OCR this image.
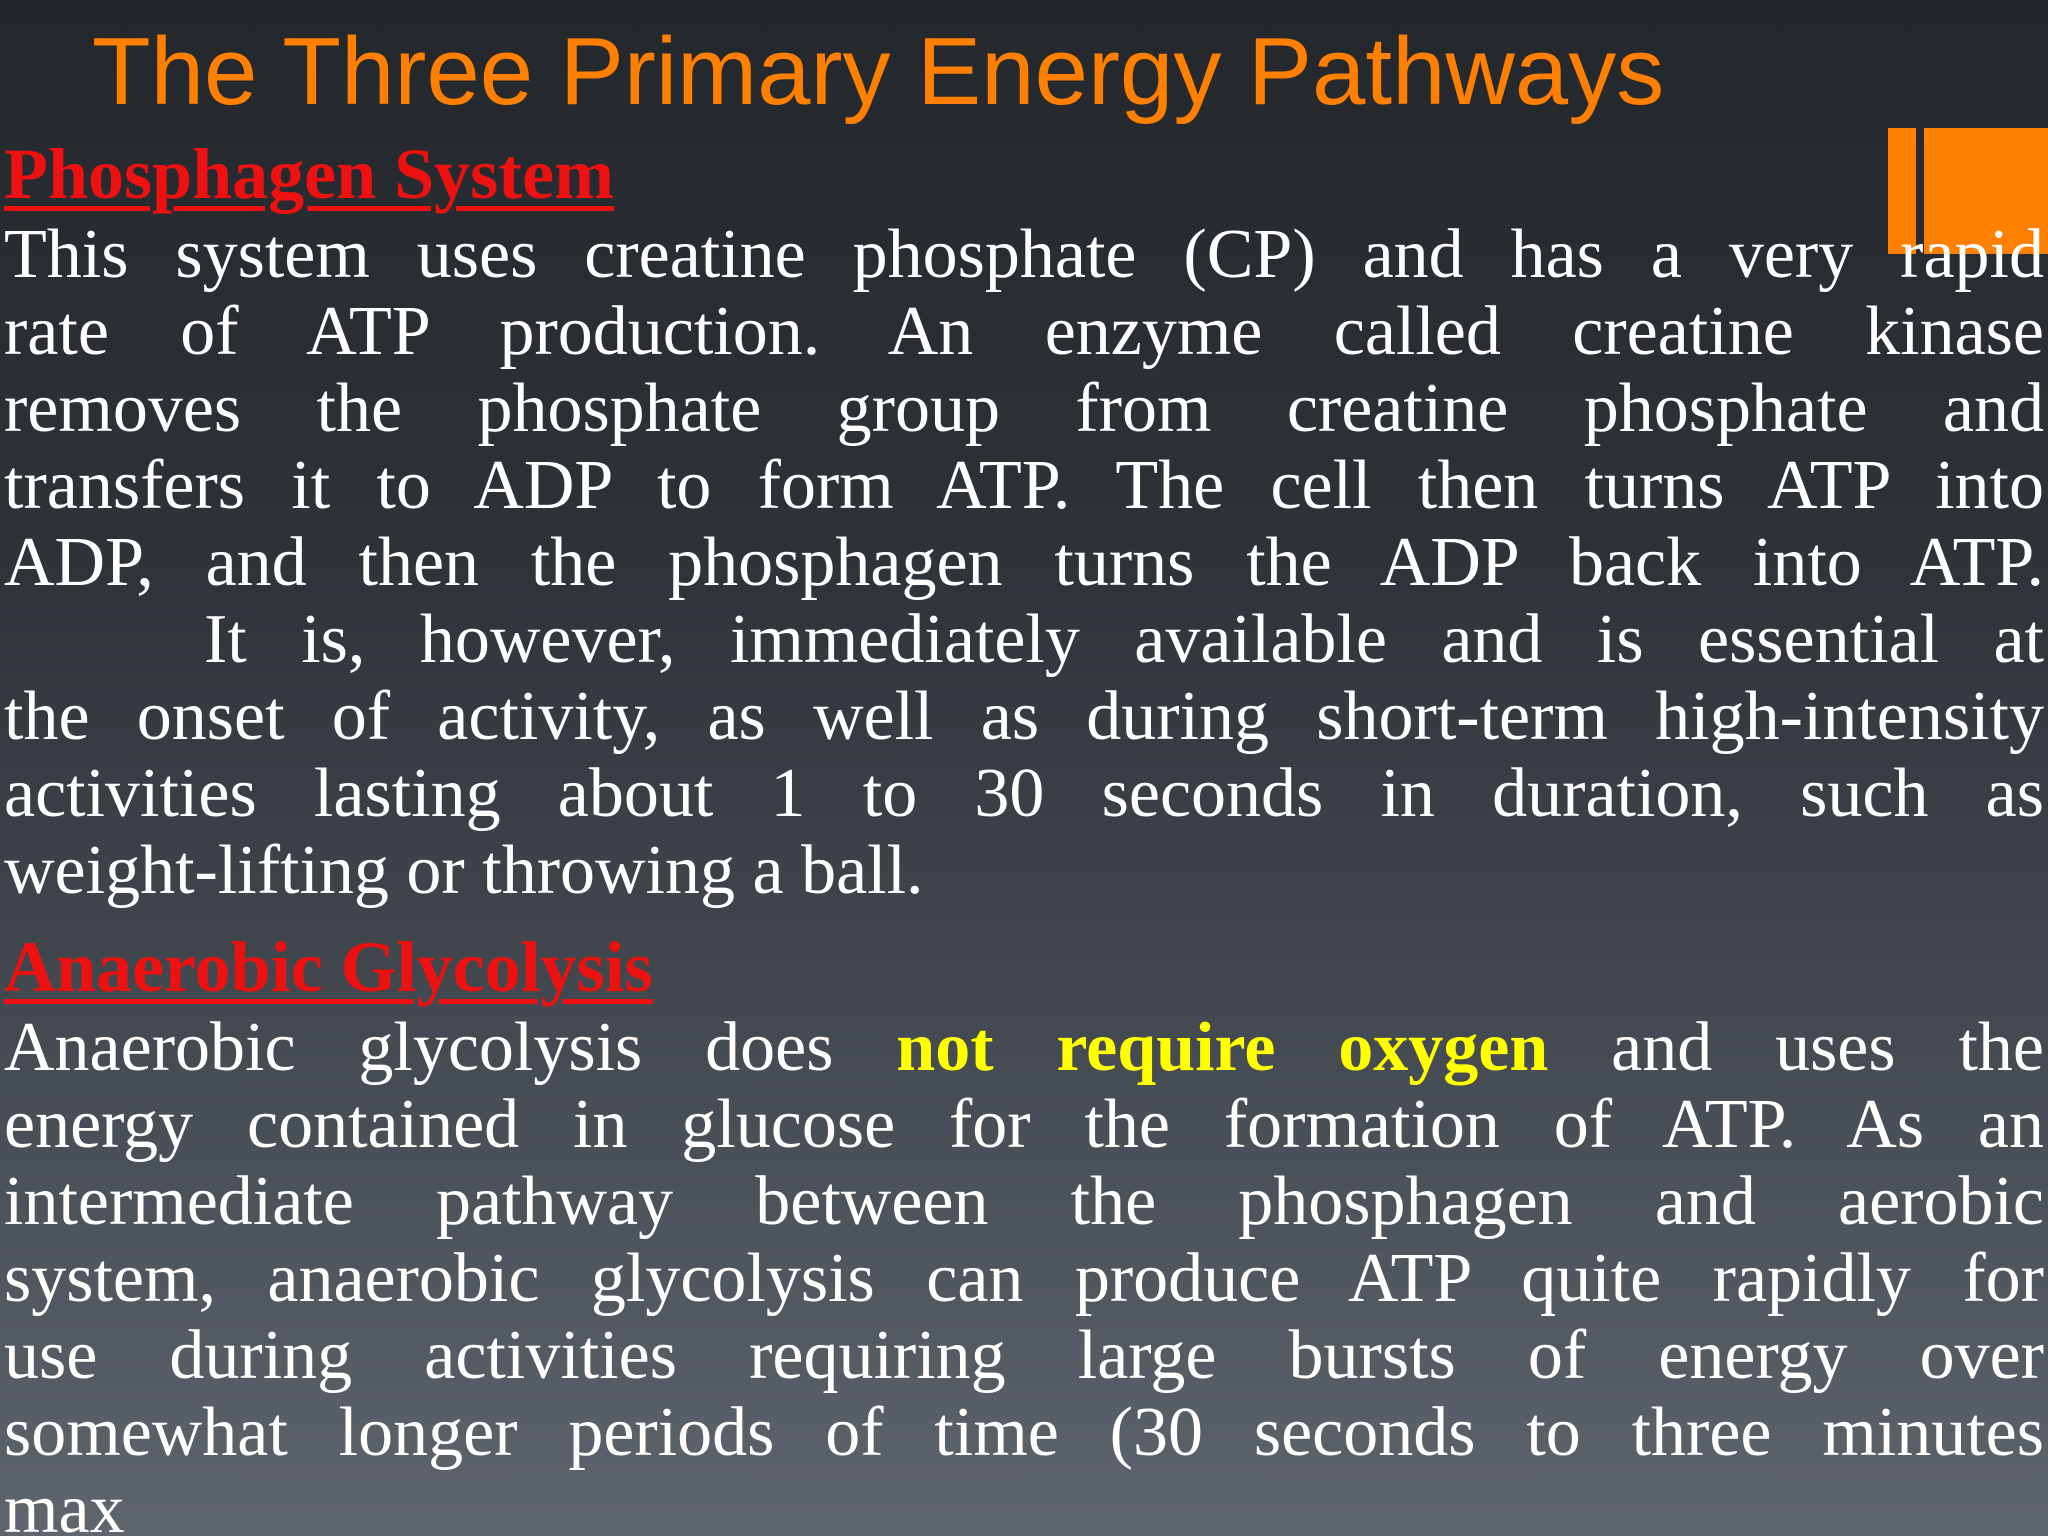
The Three Primary Energy Pathways
Phosphagen System
This system uses creatine phosphate (CP) and has a very rapid
rate of ATP production. An enzyme called creatine kinase
removes the phosphate group from creatine phosphate and
transfers it to ADP to form ATP. The cell then turns ATP into
ADP, and then the phosphagen turns the ADP back into ATP.
It is, however, immediately available and is essential at
the onset of activity, as well as during short-term high-intensity
activities lasting about 1 to 30 seconds in duration, such as
weight-lifting or throwing a ball.
Anaerobic Glycolysis
Anaerobic glycolysis does not require oxygen and uses the
energy contained in glucose for the formation of ATP. As an
intermediate pathway between the phosphagen and aerobic
system, anaerobic glycolysis can produce ATP quite rapidly for
use during activities requiring large bursts of energy over
somewhat longer periods of time (30 seconds to three minutes
max
